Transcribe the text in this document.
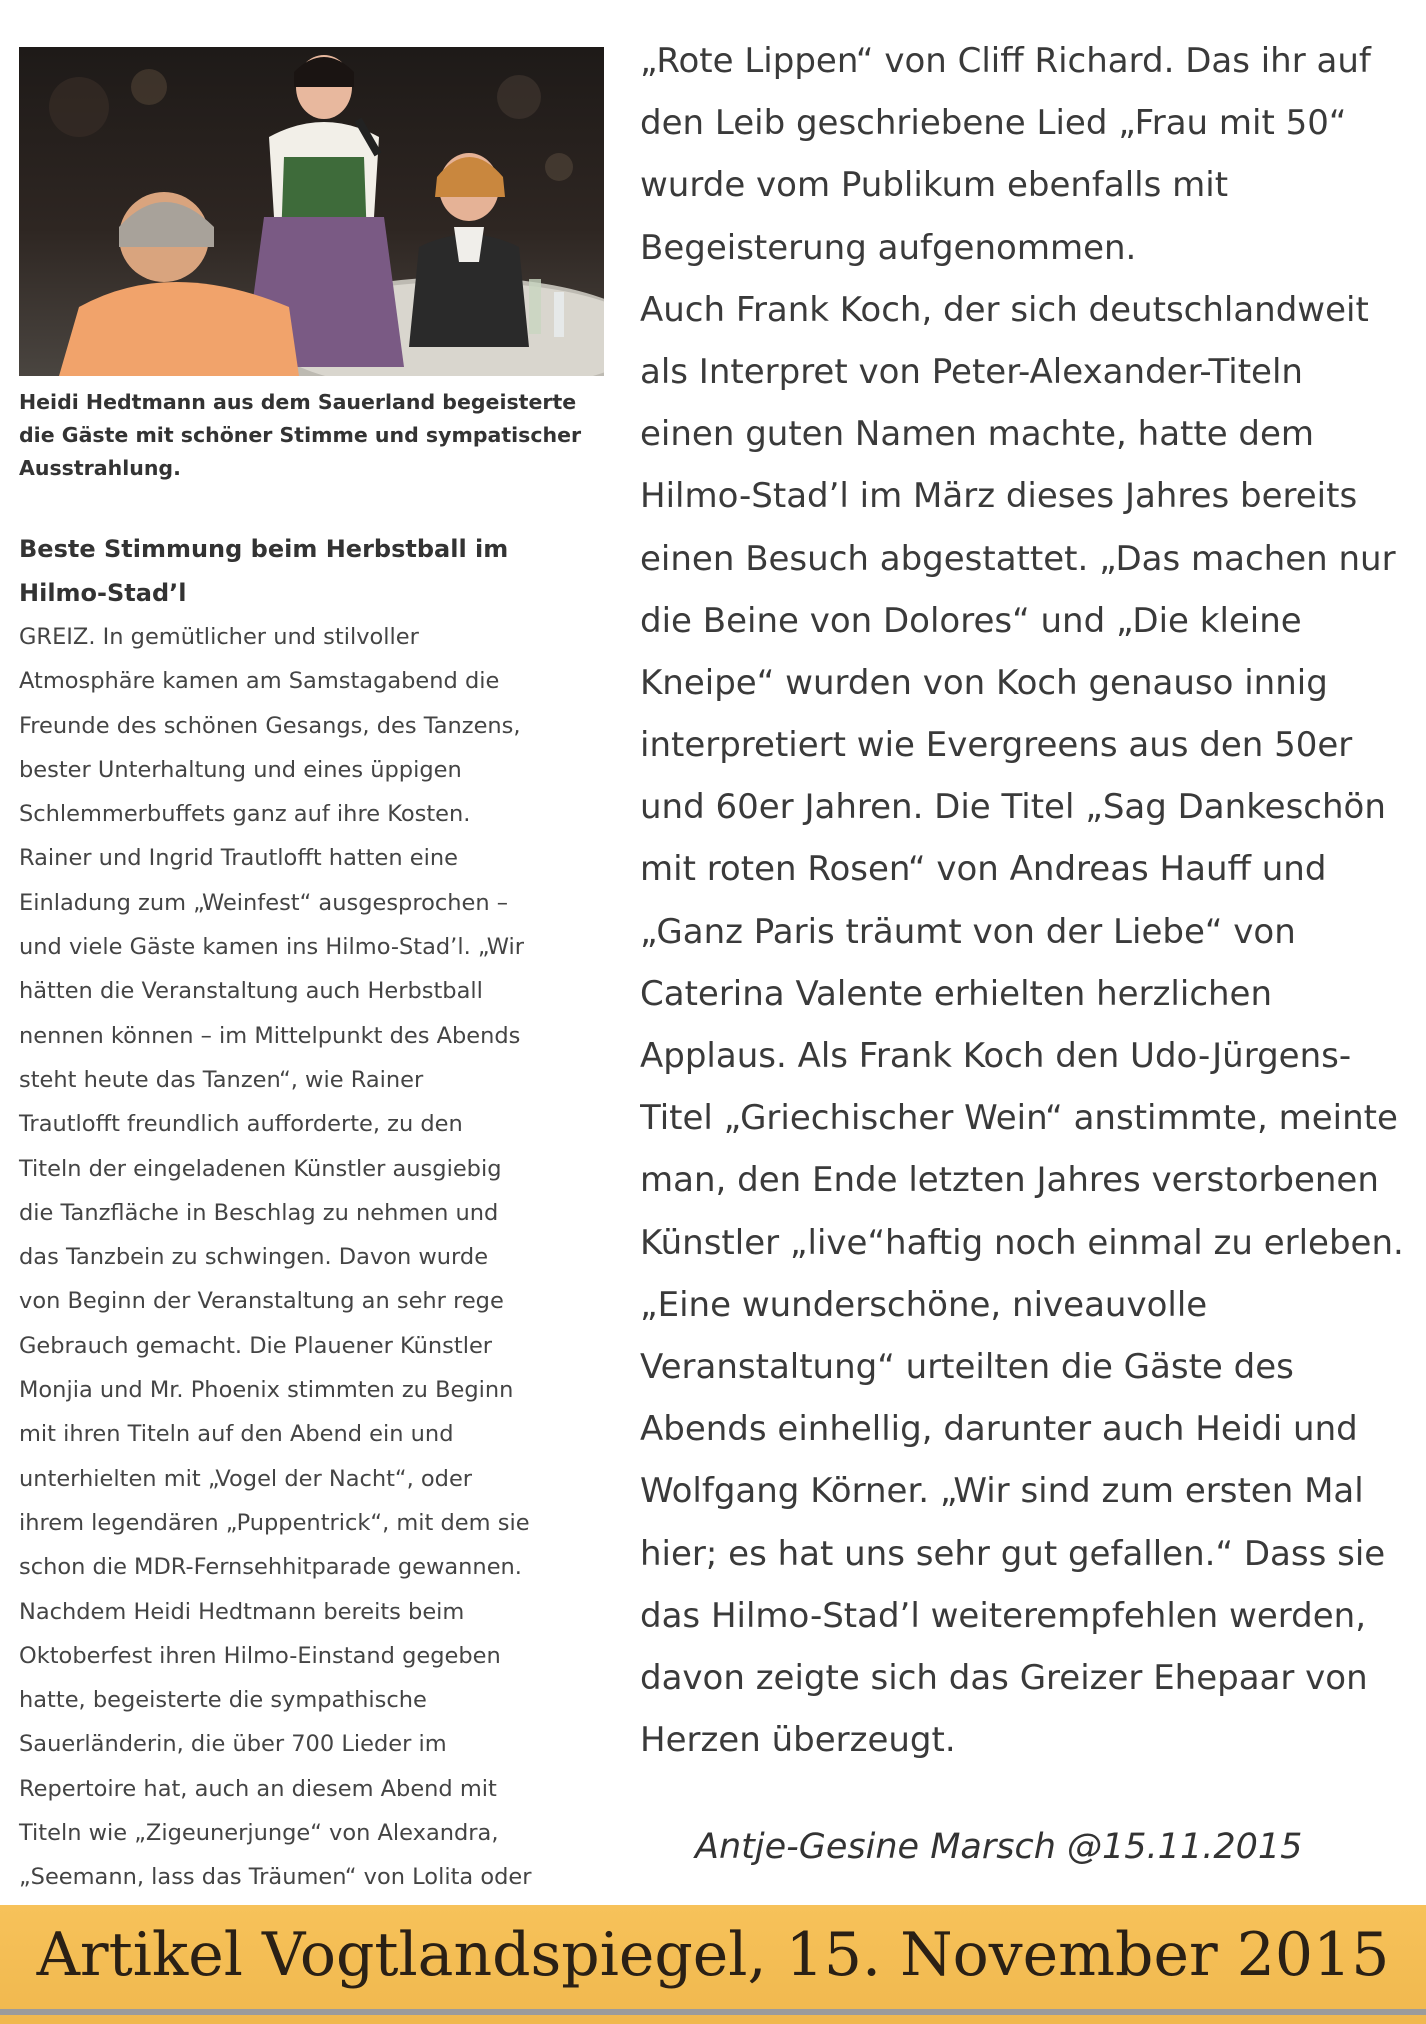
Heidi Hedtmann aus dem Sauerland begeisterte
die Gäste mit schöner Stimme und sympatischer
Ausstrahlung.
Beste Stimmung beim Herbstball im
Hilmo-Stad’l
GREIZ. In gemütlicher und stilvoller
Atmosphäre kamen am Samstagabend die
Freunde des schönen Gesangs, des Tanzens,
bester Unterhaltung und eines üppigen
Schlemmerbuffets ganz auf ihre Kosten.
Rainer und Ingrid Trautlofft hatten eine
Einladung zum „Weinfest“ ausgesprochen –
und viele Gäste kamen ins Hilmo-Stad’l. „Wir
hätten die Veranstaltung auch Herbstball
nennen können – im Mittelpunkt des Abends
steht heute das Tanzen“, wie Rainer
Trautlofft freundlich aufforderte, zu den
Titeln der eingeladenen Künstler ausgiebig
die Tanzfläche in Beschlag zu nehmen und
das Tanzbein zu schwingen. Davon wurde
von Beginn der Veranstaltung an sehr rege
Gebrauch gemacht. Die Plauener Künstler
Monjia und Mr. Phoenix stimmten zu Beginn
mit ihren Titeln auf den Abend ein und
unterhielten mit „Vogel der Nacht“, oder
ihrem legendären „Puppentrick“, mit dem sie
schon die MDR-Fernsehhitparade gewannen.
Nachdem Heidi Hedtmann bereits beim
Oktoberfest ihren Hilmo-Einstand gegeben
hatte, begeisterte die sympathische
Sauerländerin, die über 700 Lieder im
Repertoire hat, auch an diesem Abend mit
Titeln wie „Zigeunerjunge“ von Alexandra,
„Seemann, lass das Träumen“ von Lolita oder
„Rote Lippen“ von Cliff Richard. Das ihr auf
den Leib geschriebene Lied „Frau mit 50“
wurde vom Publikum ebenfalls mit
Begeisterung aufgenommen.
Auch Frank Koch, der sich deutschlandweit
als Interpret von Peter-Alexander-Titeln
einen guten Namen machte, hatte dem
Hilmo-Stad’l im März dieses Jahres bereits
einen Besuch abgestattet. „Das machen nur
die Beine von Dolores“ und „Die kleine
Kneipe“ wurden von Koch genauso innig
interpretiert wie Evergreens aus den 50er
und 60er Jahren. Die Titel „Sag Dankeschön
mit roten Rosen“ von Andreas Hauff und
„Ganz Paris träumt von der Liebe“ von
Caterina Valente erhielten herzlichen
Applaus. Als Frank Koch den Udo-Jürgens-
Titel „Griechischer Wein“ anstimmte, meinte
man, den Ende letzten Jahres verstorbenen
Künstler „live“haftig noch einmal zu erleben.
„Eine wunderschöne, niveauvolle
Veranstaltung“ urteilten die Gäste des
Abends einhellig, darunter auch Heidi und
Wolfgang Körner. „Wir sind zum ersten Mal
hier; es hat uns sehr gut gefallen.“ Dass sie
das Hilmo-Stad’l weiterempfehlen werden,
davon zeigte sich das Greizer Ehepaar von
Herzen überzeugt.
Antje-Gesine Marsch @15.11.2015
Artikel Vogtlandspiegel, 15. November 2015
